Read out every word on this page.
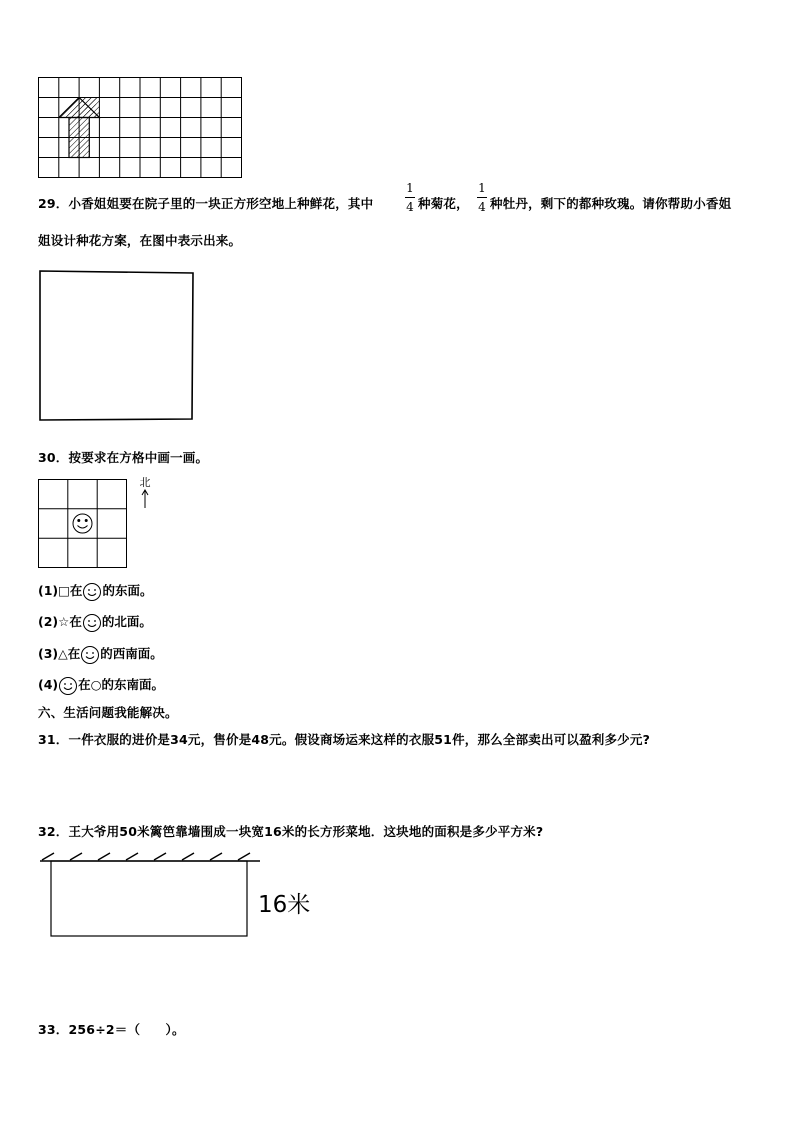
29．小香姐姐要在院子里的一块正方形空地上种鲜花，其中
1
4 种菊花，
1
4 种牡丹，剩下的都种玫瑰。请你帮助小香姐
姐设计种花方案，在图中表示出来。
30．按要求在方格中画一画。
北
(1)□在 的东面。
(2)☆在 的北面。
(3)△在 的西南面。
(4) 在○的东南面。
六、生活问题我能解决。
31．一件衣服的进价是34元，售价是48元。假设商场运来这样的衣服51件，那么全部卖出可以盈利多少元?
32．王大爷用50米篱笆靠墙围成一块宽16米的长方形菜地．这块地的面积是多少平方米?
16米
33．256÷2＝（　　）。
